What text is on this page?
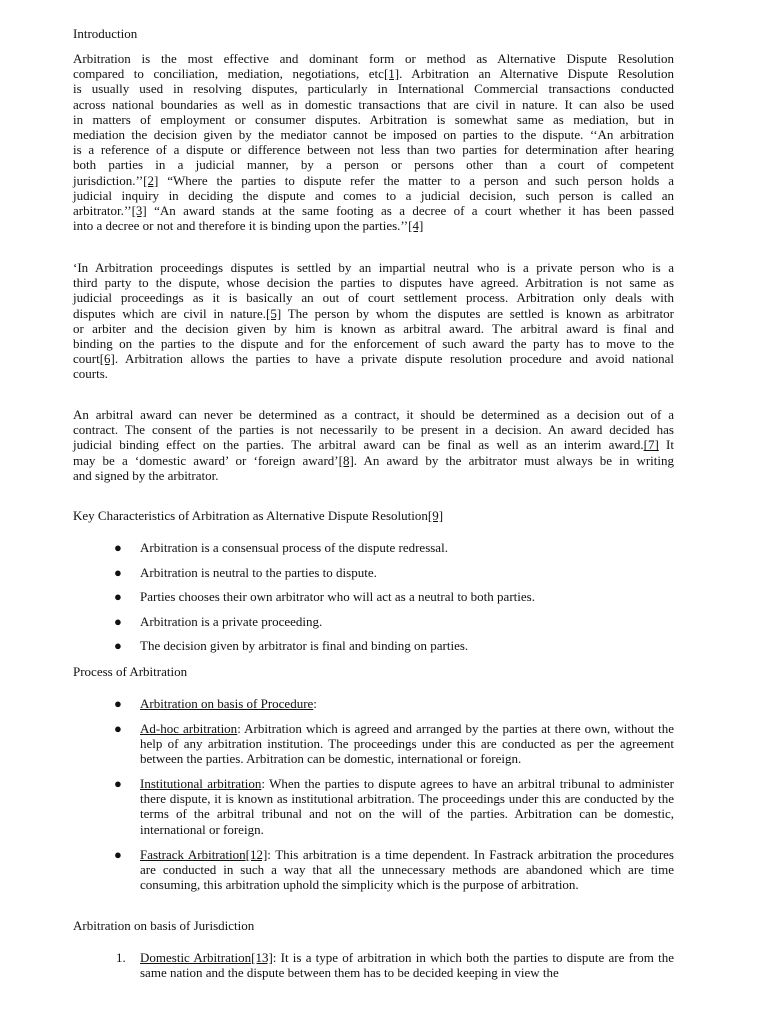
Introduction
Arbitration is the most effective and dominant form or method as Alternative Dispute Resolution
compared to conciliation, mediation, negotiations, etc[1]. Arbitration an Alternative Dispute Resolution
is usually used in resolving disputes, particularly in International Commercial transactions conducted
across national boundaries as well as in domestic transactions that are civil in nature. It can also be used
in matters of employment or consumer disputes. Arbitration is somewhat same as mediation, but in
mediation the decision given by the mediator cannot be imposed on parties to the dispute. ‘‘An arbitration
is a reference of a dispute or difference between not less than two parties for determination after hearing
both parties in a judicial manner, by a person or persons other than a court of competent
jurisdiction.’’[2] “Where the parties to dispute refer the matter to a person and such person holds a
judicial inquiry in deciding the dispute and comes to a judicial decision, such person is called an
arbitrator.’’[3] “An award stands at the same footing as a decree of a court whether it has been passed
into a decree or not and therefore it is binding upon the parties.’’[4]
‘In Arbitration proceedings disputes is settled by an impartial neutral who is a private person who is a
third party to the dispute, whose decision the parties to disputes have agreed. Arbitration is not same as
judicial proceedings as it is basically an out of court settlement process. Arbitration only deals with
disputes which are civil in nature.[5] The person by whom the disputes are settled is known as arbitrator
or arbiter and the decision given by him is known as arbitral award. The arbitral award is final and
binding on the parties to the dispute and for the enforcement of such award the party has to move to the
court[6]. Arbitration allows the parties to have a private dispute resolution procedure and avoid national
courts.
An arbitral award can never be determined as a contract, it should be determined as a decision out of a
contract. The consent of the parties is not necessarily to be present in a decision. An award decided has
judicial binding effect on the parties. The arbitral award can be final as well as an interim award.[7] It
may be a ‘domestic award’ or ‘foreign award’[8]. An award by the arbitrator must always be in writing
and signed by the arbitrator.
Key Characteristics of Arbitration as Alternative Dispute Resolution[9]
● Arbitration is a consensual process of the dispute redressal.
● Arbitration is neutral to the parties to dispute.
● Parties chooses their own arbitrator who will act as a neutral to both parties.
● Arbitration is a private proceeding.
● The decision given by arbitrator is final and binding on parties.
Process of Arbitration
● Arbitration on basis of Procedure:
● Ad-hoc arbitration: Arbitration which is agreed and arranged by the parties at there own, without the help of any arbitration institution. The proceedings under this are conducted as per the agreement between the parties. Arbitration can be domestic, international or foreign.
● Institutional arbitration: When the parties to dispute agrees to have an arbitral tribunal to administer there dispute, it is known as institutional arbitration. The proceedings under this are conducted by the terms of the arbitral tribunal and not on the will of the parties. Arbitration can be domestic, international or foreign.
● Fastrack Arbitration[12]: This arbitration is a time dependent. In Fastrack arbitration the procedures are conducted in such a way that all the unnecessary methods are abandoned which are time consuming, this arbitration uphold the simplicity which is the purpose of arbitration.
Arbitration on basis of Jurisdiction
1. Domestic Arbitration[13]: It is a type of arbitration in which both the parties to dispute are from the same nation and the dispute between them has to be decided keeping in view the
